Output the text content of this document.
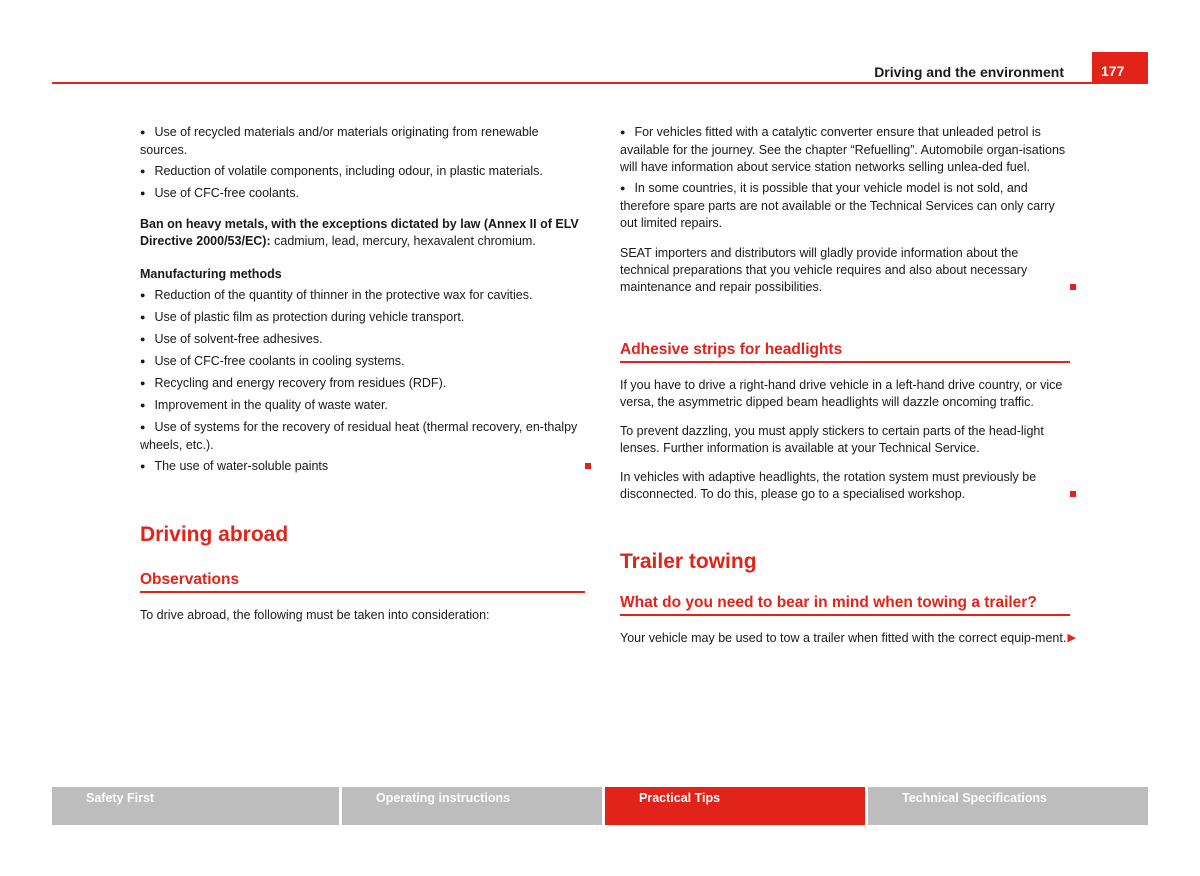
Driving and the environment	177

● Use of recycled materials and/or materials originating from renewable sources.

● Reduction of volatile components, including odour, in plastic materials.

● Use of CFC-free coolants.

Ban on heavy metals, with the exceptions dictated by law (Annex II of ELV Directive 2000/53/EC): cadmium, lead, mercury, hexavalent chromium.

Manufacturing methods

● Reduction of the quantity of thinner in the protective wax for cavities.

● Use of plastic film as protection during vehicle transport.

● Use of solvent-free adhesives.

● Use of CFC-free coolants in cooling systems.

● Recycling and energy recovery from residues (RDF).

● Improvement in the quality of waste water.

● Use of systems for the recovery of residual heat (thermal recovery, en-thalpy wheels, etc.).

● The use of water-soluble paints

Driving abroad
Observations

To drive abroad, the following must be taken into consideration:

● For vehicles fitted with a catalytic converter ensure that unleaded petrol is available for the journey. See the chapter “Refuelling”. Automobile organ-isations will have information about service station networks selling unlea-ded fuel.

● In some countries, it is possible that your vehicle model is not sold, and therefore spare parts are not available or the Technical Services can only carry out limited repairs.

SEAT importers and distributors will gladly provide information about the technical preparations that you vehicle requires and also about necessary maintenance and repair possibilities.

Adhesive strips for headlights

If you have to drive a right-hand drive vehicle in a left-hand drive country, or vice versa, the asymmetric dipped beam headlights will dazzle oncoming traffic.

To prevent dazzling, you must apply stickers to certain parts of the head-light lenses. Further information is available at your Technical Service.

In vehicles with adaptive headlights, the rotation system must previously be disconnected. To do this, please go to a specialised workshop.

Trailer towing
What do you need to bear in mind when towing a trailer?

Your vehicle may be used to tow a trailer when fitted with the correct equip-ment. ▶

Safety First	Operating instructions	Practical Tips	Technical Specifications
